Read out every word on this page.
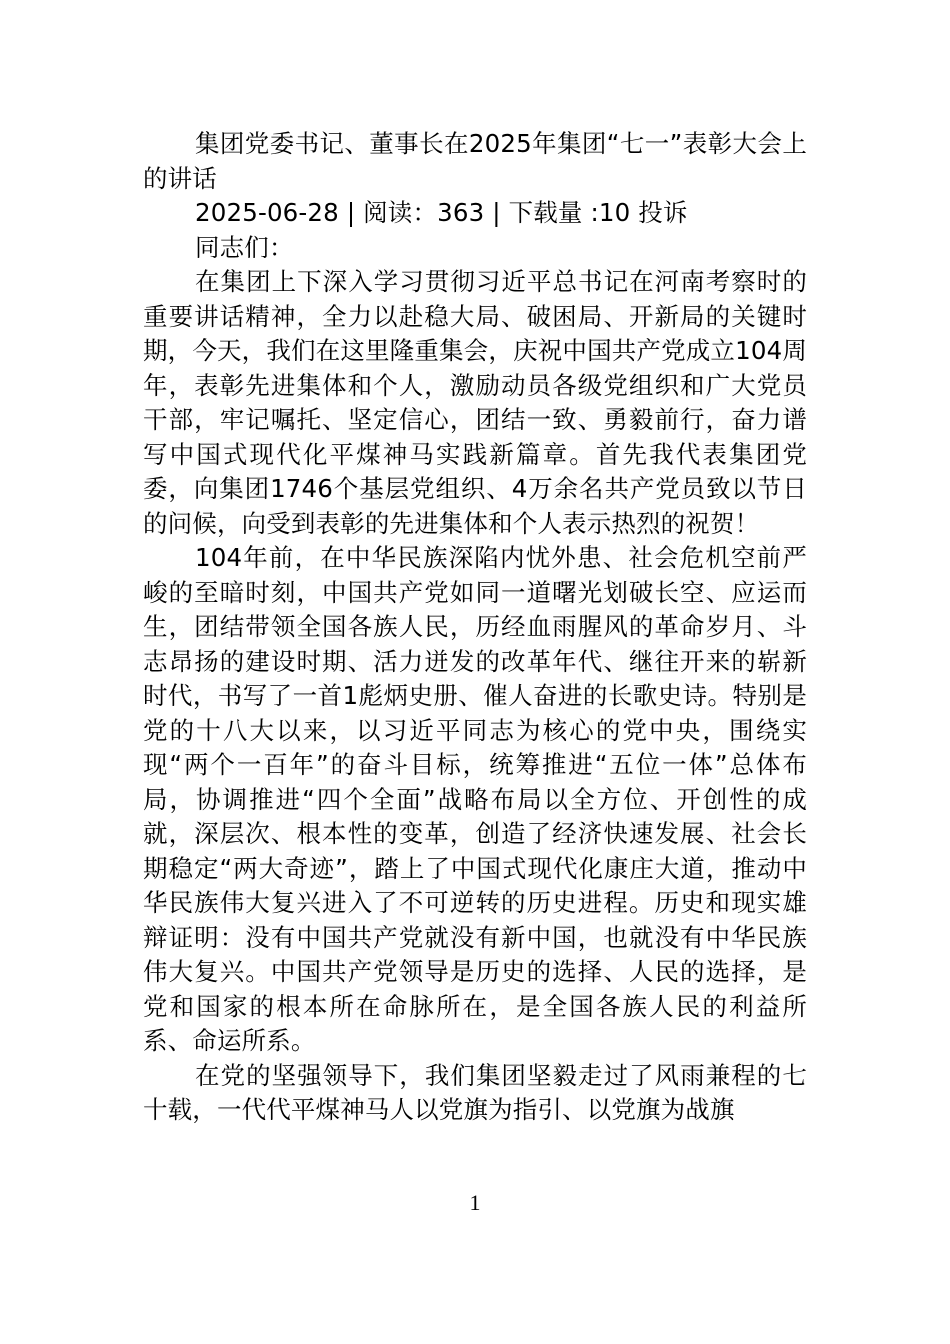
集团党委书记、董事长在2025年集团“七一”表彰大会上的讲话

2025-06-28 | 阅读：363 | 下载量 :10 投诉

同志们：

在集团上下深入学习贯彻习近平总书记在河南考察时的重要讲话精神，全力以赴稳大局、破困局、开新局的关键时期，今天，我们在这里隆重集会，庆祝中国共产党成立104周年，表彰先进集体和个人，激励动员各级党组织和广大党员干部，牢记嘱托、坚定信心，团结一致、勇毅前行，奋力谱写中国式现代化平煤神马实践新篇章。首先我代表集团党委，向集团1746个基层党组织、4万余名共产党员致以节日的问候，向受到表彰的先进集体和个人表示热烈的祝贺！

104年前，在中华民族深陷内忧外患、社会危机空前严峻的至暗时刻，中国共产党如同一道曙光划破长空、应运而生，团结带领全国各族人民，历经血雨腥风的革命岁月、斗志昂扬的建设时期、活力迸发的改革年代、继往开来的崭新时代，书写了一首1彪炳史册、催人奋进的长歌史诗。特别是党的十八大以来，以习近平同志为核心的党中央，围绕实现“两个一百年”的奋斗目标，统筹推进“五位一体”总体布局，协调推进“四个全面”战略布局以全方位、开创性的成就，深层次、根本性的变革，创造了经济快速发展、社会长期稳定“两大奇迹”，踏上了中国式现代化康庄大道，推动中华民族伟大复兴进入了不可逆转的历史进程。历史和现实雄辩证明：没有中国共产党就没有新中国，也就没有中华民族伟大复兴。中国共产党领导是历史的选择、人民的选择，是党和国家的根本所在命脉所在，是全国各族人民的利益所系、命运所系。

在党的坚强领导下，我们集团坚毅走过了风雨兼程的七十载，一代代平煤神马人以党旗为指引、以党旗为战旗

1
